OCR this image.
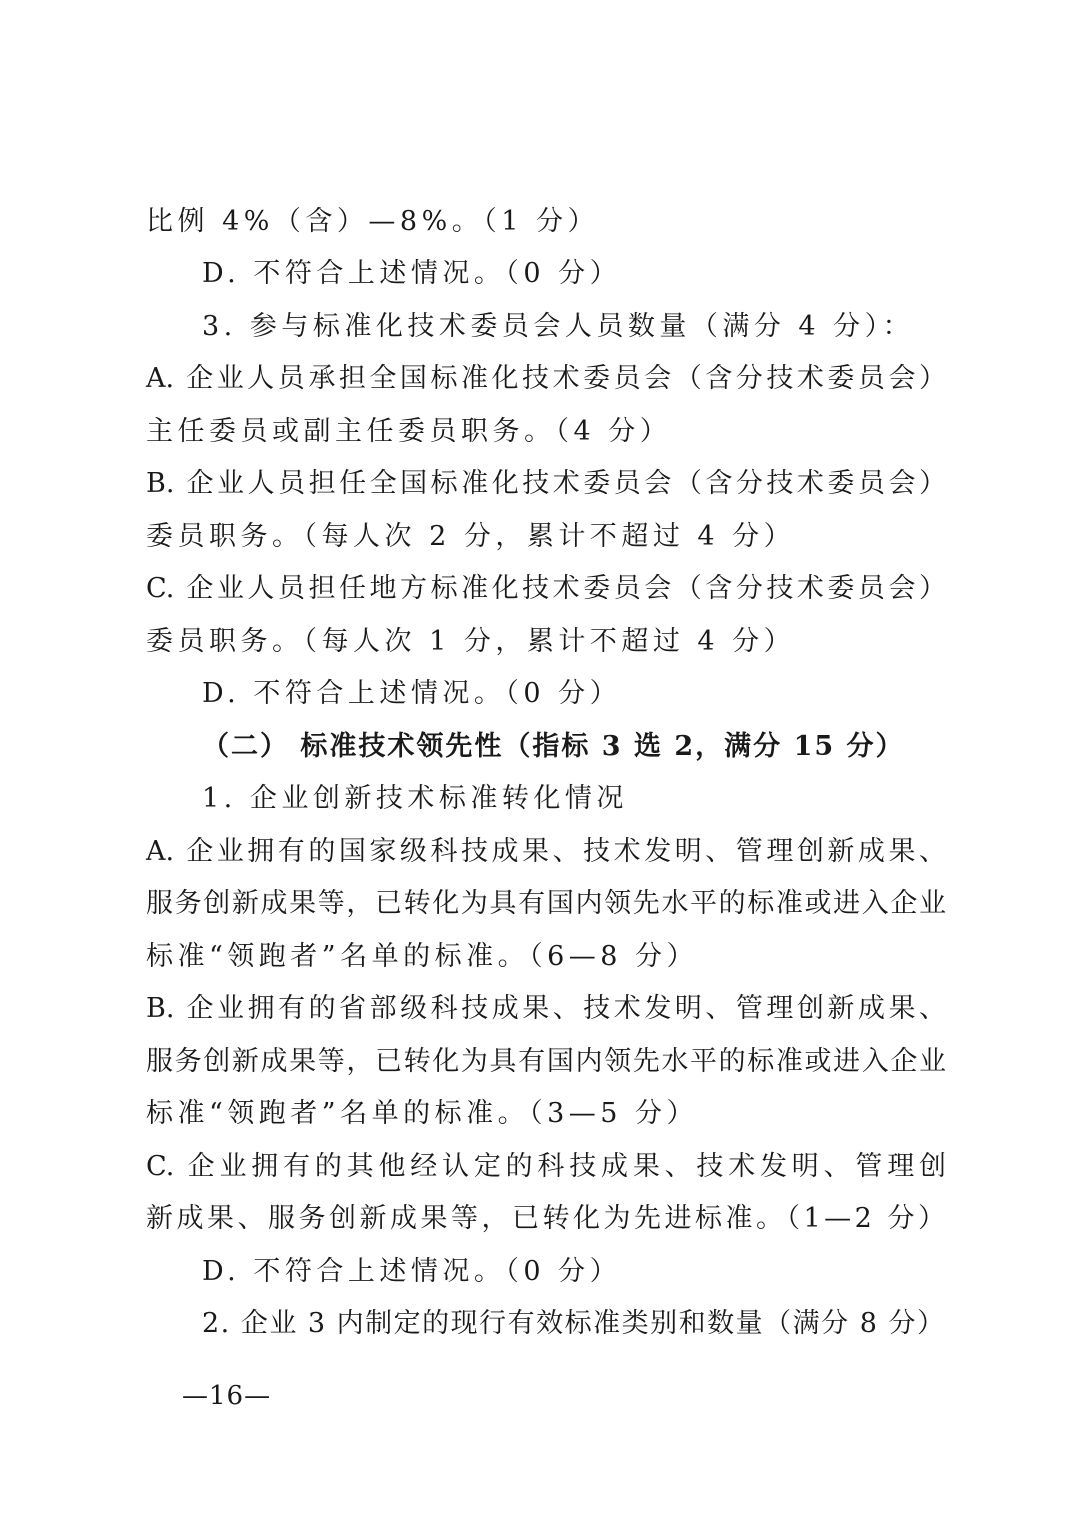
比例 4%（含）—8%。（1 分）
D. 不符合上述情况。（0 分）
3. 参与标准化技术委员会人员数量（满分 4 分）：
A. 企业人员承担全国标准化技术委员会（含分技术委员会）
主任委员或副主任委员职务。（4 分）
B. 企业人员担任全国标准化技术委员会（含分技术委员会）
委员职务。（每人次 2 分，累计不超过 4 分）
C. 企业人员担任地方标准化技术委员会（含分技术委员会）
委员职务。（每人次 1 分，累计不超过 4 分）
D. 不符合上述情况。（0 分）
（二） 标准技术领先性（指标 3 选 2，满分 15 分）
1. 企业创新技术标准转化情况
A. 企业拥有的国家级科技成果、技术发明、管理创新成果、
服务创新成果等，已转化为具有国内领先水平的标准或进入企业
标准“领跑者”名单的标准。（6—8 分）
B. 企业拥有的省部级科技成果、技术发明、管理创新成果、
服务创新成果等，已转化为具有国内领先水平的标准或进入企业
标准“领跑者”名单的标准。（3—5 分）
C. 企业拥有的其他经认定的科技成果、技术发明、管理创
新成果、服务创新成果等，已转化为先进标准。（1—2 分）
D. 不符合上述情况。（0 分）
2. 企业 3 内制定的现行有效标准类别和数量（满分 8 分）
—16—
